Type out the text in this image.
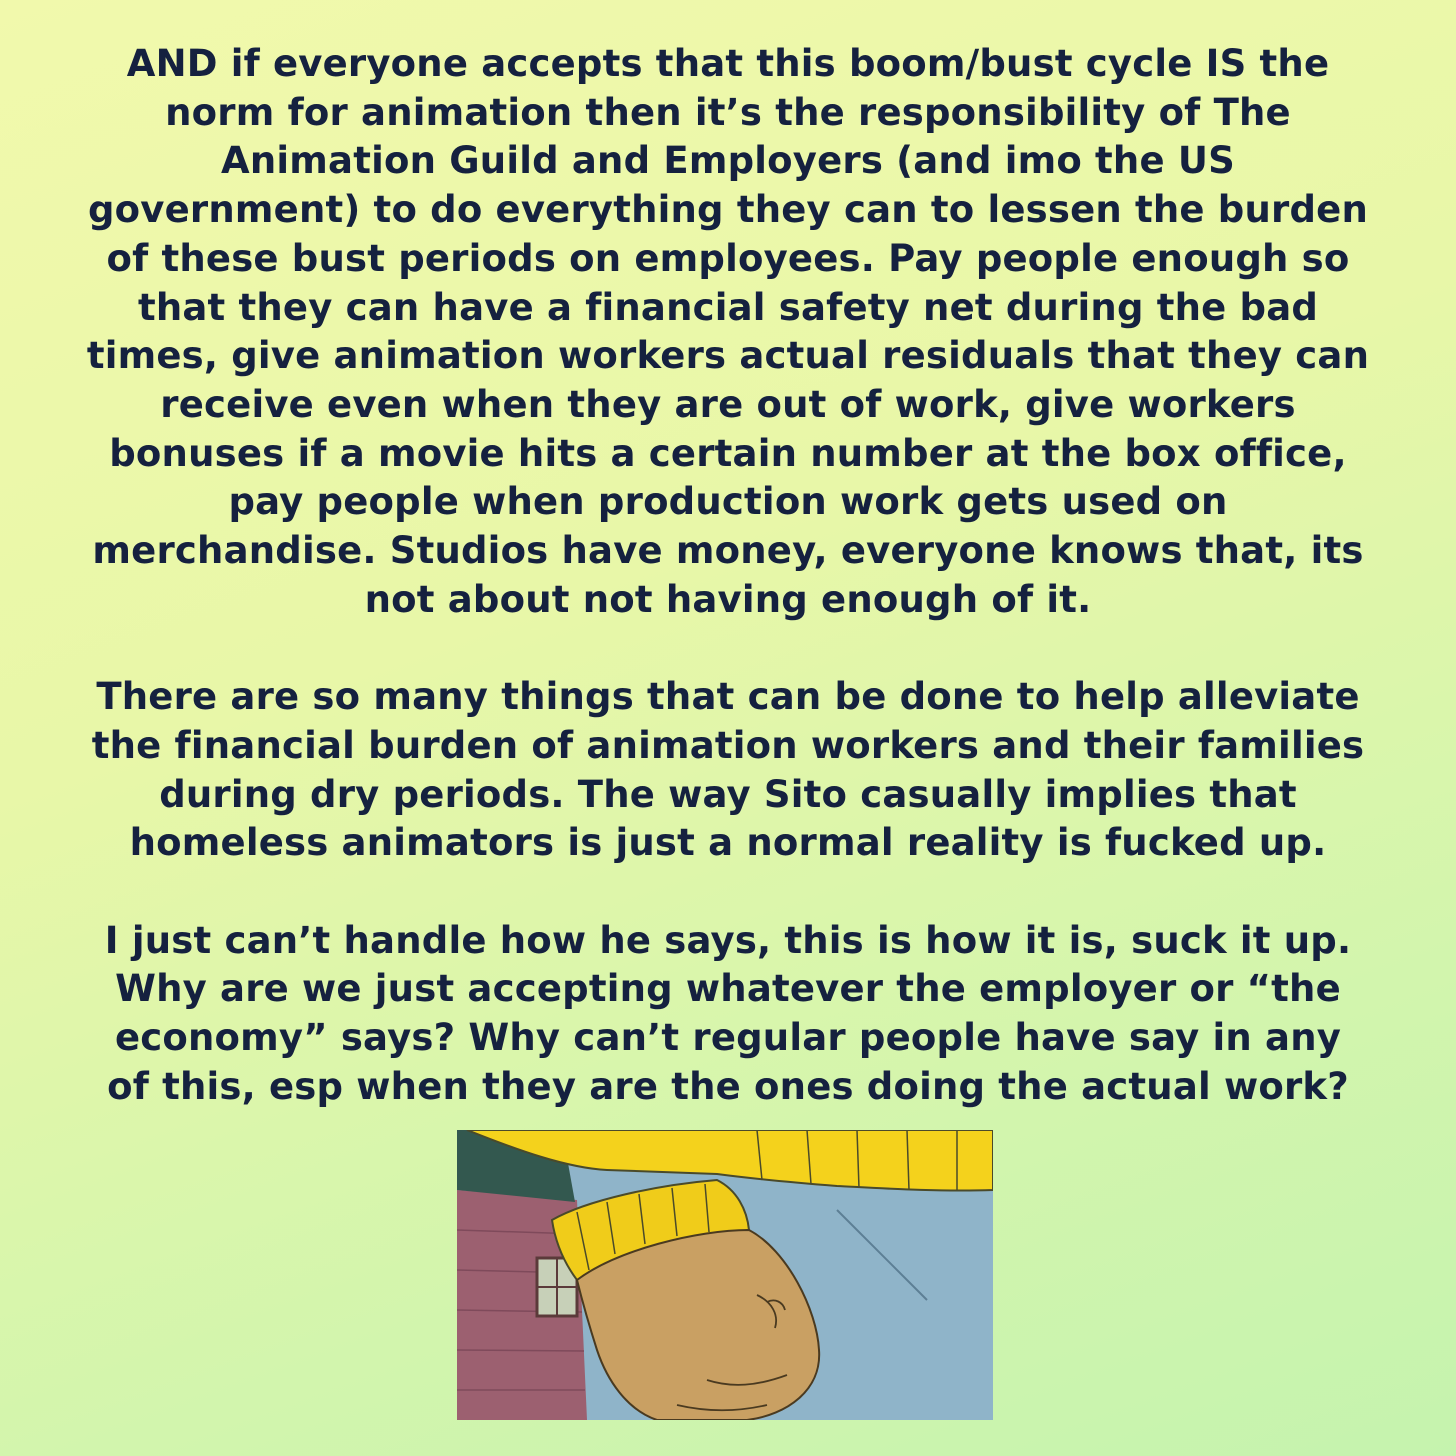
AND if everyone accepts that this boom/bust cycle IS the
norm for animation then it’s the responsibility of The
Animation Guild and Employers (and imo the US
government) to do everything they can to lessen the burden
of these bust periods on employees. Pay people enough so
that they can have a financial safety net during the bad
times, give animation workers actual residuals that they can
receive even when they are out of work, give workers
bonuses if a movie hits a certain number at the box office,
pay people when production work gets used on
merchandise. Studios have money, everyone knows that, its
not about not having enough of it.

There are so many things that can be done to help alleviate
the financial burden of animation workers and their families
during dry periods. The way Sito casually implies that
homeless animators is just a normal reality is fucked up.

I just can’t handle how he says, this is how it is, suck it up.
Why are we just accepting whatever the employer or “the
economy” says? Why can’t regular people have say in any
of this, esp when they are the ones doing the actual work?
